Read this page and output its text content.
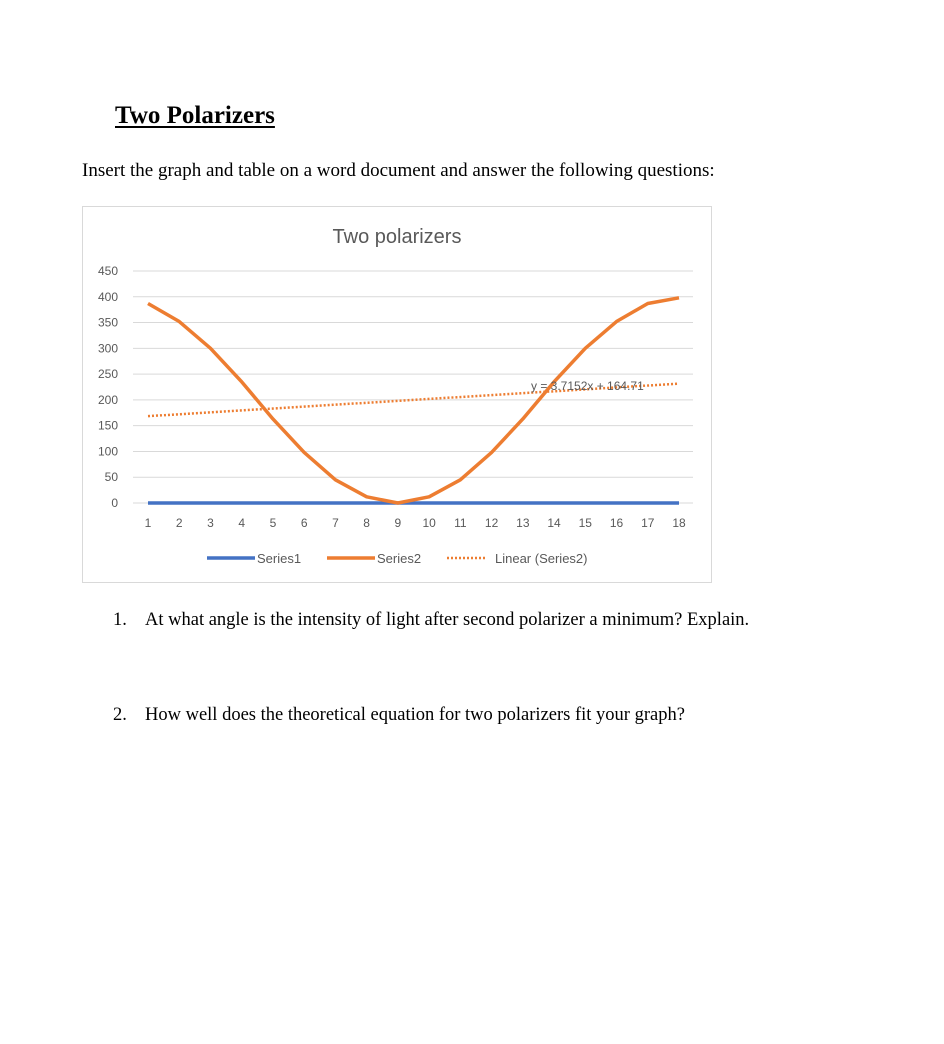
Two Polarizers
Insert the graph and table on a word document and answer the following questions:
Two polarizers
0
50
100
150
200
250
300
350
400
450
1 2 3 4 5 6 7 8 9 10 11 12 13 14 15 16 17 18
y = 3.7152x + 164.71
Series1	Series2	Linear (Series2)
1. At what angle is the intensity of light after second polarizer a minimum? Explain.
2. How well does the theoretical equation for two polarizers fit your graph?
